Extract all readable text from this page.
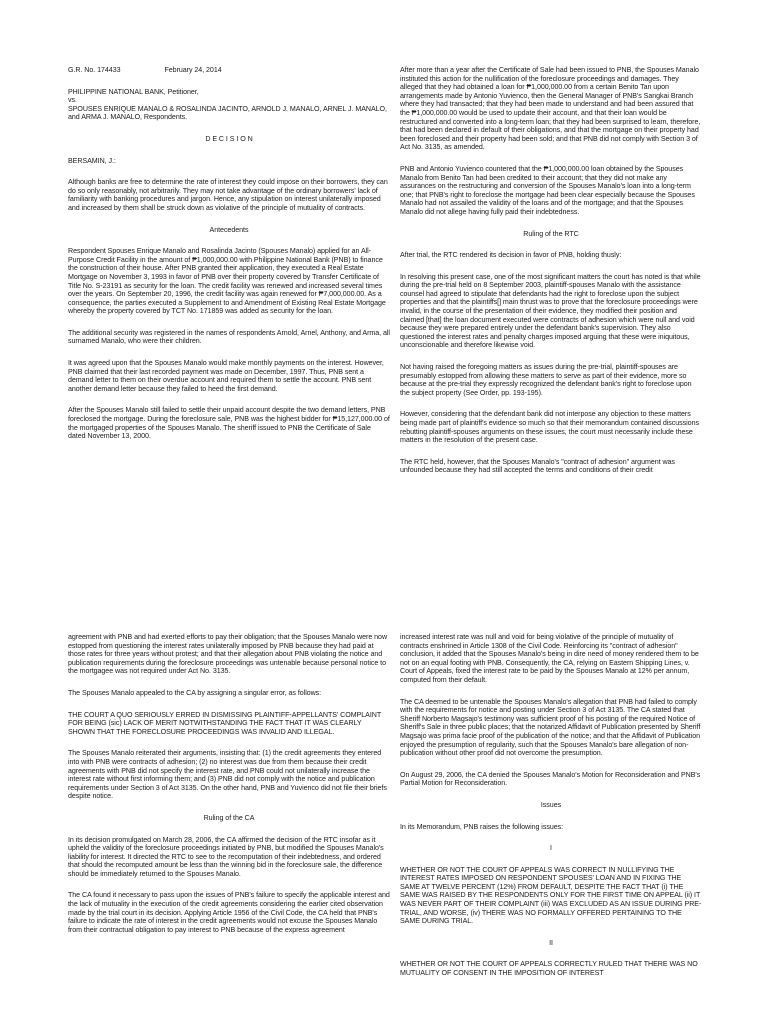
G.R. No. 174433	February 24, 2014
PHILIPPINE NATIONAL BANK, Petitioner,
vs.
SPOUSES ENRIQUE MANALO & ROSALINDA JACINTO, ARNOLD J. MANALO, ARNEL J. MANALO, and ARMA J. MANALO, Respondents.
D E C I S I O N
BERSAMIN, J.:
Although banks are free to determine the rate of interest they could impose on their borrowers, they can do so only reasonably, not arbitrarily. They may not take advantage of the ordinary borrowers' lack of familiarity with banking procedures and jargon. Hence, any stipulation on interest unilaterally imposed and increased by them shall be struck down as violative of the principle of mutuality of contracts.
Antecedents
Respondent Spouses Enrique Manalo and Rosalinda Jacinto (Spouses Manalo) applied for an All-Purpose Credit Facility in the amount of ₱1,000,000.00 with Philippine National Bank (PNB) to finance the construction of their house. After PNB granted their application, they executed a Real Estate Mortgage on November 3, 1993 in favor of PNB over their property covered by Transfer Certificate of Title No. S-23191 as security for the loan. The credit facility was renewed and increased several times over the years. On September 20, 1996, the credit facility was again renewed for ₱7,000,000.00. As a consequence, the parties executed a Supplement to and Amendment of Existing Real Estate Mortgage whereby the property covered by TCT No. 171859 was added as security for the loan.
The additional security was registered in the names of respondents Arnold, Arnel, Anthony, and Arma, all surnamed Manalo, who were their children.
It was agreed upon that the Spouses Manalo would make monthly payments on the interest. However, PNB claimed that their last recorded payment was made on December, 1997. Thus, PNB sent a demand letter to them on their overdue account and required them to settle the account. PNB sent another demand letter because they failed to heed the first demand.
After the Spouses Manalo still failed to settle their unpaid account despite the two demand letters, PNB foreclosed the mortgage. During the foreclosure sale, PNB was the highest bidder for ₱15,127,000.00 of the mortgaged properties of the Spouses Manalo. The sheriff issued to PNB the Certificate of Sale dated November 13, 2000.
After more than a year after the Certificate of Sale had been issued to PNB, the Spouses Manalo instituted this action for the nullification of the foreclosure proceedings and damages. They alleged that they had obtained a loan for ₱1,000,000.00 from a certain Benito Tan upon arrangements made by Antonio Yuvienco, then the General Manager of PNB's Sangkai Branch where they had transacted; that they had been made to understand and had been assured that the ₱1,000,000.00 would be used to update their account, and that their loan would be restructured and converted into a long-term loan; that they had been surprised to learn, therefore, that had been declared in default of their obligations, and that the mortgage on their property had been foreclosed and their property had been sold; and that PNB did not comply with Section 3 of Act No. 3135, as amended.
PNB and Antonio Yuvienco countered that the ₱1,000,000.00 loan obtained by the Spouses Manalo from Benito Tan had been credited to their account; that they did not make any assurances on the restructuring and conversion of the Spouses Manalo's loan into a long-term one; that PNB's right to foreclose the mortgage had been clear especially because the Spouses Manalo had not assailed the validity of the loans and of the mortgage; and that the Spouses Manalo did not allege having fully paid their indebtedness.
Ruling of the RTC
After trial, the RTC rendered its decision in favor of PNB, holding thusly:
In resolving this present case, one of the most significant matters the court has noted is that while during the pre-trial held on 8 September 2003, plaintiff-spouses Manalo with the assistance counsel had agreed to stipulate that defendants had the right to foreclose upon the subject properties and that the plaintiffs[] main thrust was to prove that the foreclosure proceedings were invalid, in the course of the presentation of their evidence, they modified their position and claimed [that] the loan document executed were contracts of adhesion which were null and void because they were prepared entirely under the defendant bank's supervision. They also questioned the interest rates and penalty charges imposed arguing that these were iniquitous, unconscionable and therefore likewise void.
Not having raised the foregoing matters as issues during the pre-trial, plaintiff-spouses are presumably estopped from allowing these matters to serve as part of their evidence, more so because at the pre-trial they expressly recognized the defendant bank's right to foreclose upon the subject property (See Order, pp. 193-195).
However, considering that the defendant bank did not interpose any objection to these matters being made part of plaintiff's evidence so much so that their memorandum contained discussions rebutting plaintiff-spouses arguments on these issues, the court must necessarily include these matters in the resolution of the present case.
The RTC held, however, that the Spouses Manalo's "contract of adhesion" argument was unfounded because they had still accepted the terms and conditions of their credit
agreement with PNB and had exerted efforts to pay their obligation; that the Spouses Manalo were now estopped from questioning the interest rates unilaterally imposed by PNB because they had paid at those rates for three years without protest; and that their allegation about PNB violating the notice and publication requirements during the foreclosure proceedings was untenable because personal notice to the mortgagee was not required under Act No. 3135.
The Spouses Manalo appealed to the CA by assigning a singular error, as follows:
THE COURT A QUO SERIOUSLY ERRED IN DISMISSING PLAINTIFF-APPELLANTS' COMPLAINT FOR BEING (sic) LACK OF MERIT NOTWITHSTANDING THE FACT THAT IT WAS CLEARLY SHOWN THAT THE FORECLOSURE PROCEEDINGS WAS INVALID AND ILLEGAL.
The Spouses Manalo reiterated their arguments, insisting that: (1) the credit agreements they entered into with PNB were contracts of adhesion; (2) no interest was due from them because their credit agreements with PNB did not specify the interest rate, and PNB could not unilaterally increase the interest rate without first informing them; and (3) PNB did not comply with the notice and publication requirements under Section 3 of Act 3135. On the other hand, PNB and Yuvienco did not file their briefs despite notice.
Ruling of the CA
In its decision promulgated on March 28, 2006, the CA affirmed the decision of the RTC insofar as it upheld the validity of the foreclosure proceedings initiated by PNB, but modified the Spouses Manalo's liability for interest. It directed the RTC to see to the recomputation of their indebtedness, and ordered that should the recomputed amount be less than the winning bid in the foreclosure sale, the difference should be immediately returned to the Spouses Manalo.
The CA found it necessary to pass upon the issues of PNB's failure to specify the applicable interest and the lack of mutuality in the execution of the credit agreements considering the earlier cited observation made by the trial court in its decision. Applying Article 1956 of the Civil Code, the CA held that PNB's failure to indicate the rate of interest in the credit agreements would not excuse the Spouses Manalo from their contractual obligation to pay interest to PNB because of the express agreement
increased interest rate was null and void for being violative of the principle of mutuality of contracts enshrined in Article 1308 of the Civil Code. Reinforcing its "contract of adhesion" conclusion, it added that the Spouses Manalo's being in dire need of money rendered them to be not on an equal footing with PNB. Consequently, the CA, relying on Eastern Shipping Lines, v. Court of Appeals, fixed the interest rate to be paid by the Spouses Manalo at 12% per annum, computed from their default.
The CA deemed to be untenable the Spouses Manalo's allegation that PNB had failed to comply with the requirements for notice and posting under Section 3 of Act 3135. The CA stated that Sheriff Norberto Magsajo's testimony was sufficient proof of his posting of the required Notice of Sheriff's Sale in three public places; that the notarized Affidavit of Publication presented by Sheriff Magsajo was prima facie proof of the publication of the notice; and that the Affidavit of Publication enjoyed the presumption of regularity, such that the Spouses Manalo's bare allegation of non-publication without other proof did not overcome the presumption.
On August 29, 2006, the CA denied the Spouses Manalo's Motion for Reconsideration and PNB's Partial Motion for Reconsideration.
Issues
In its Memorandum, PNB raises the following issues:
I
WHETHER OR NOT THE COURT OF APPEALS WAS CORRECT IN NULLIFYING THE INTEREST RATES IMPOSED ON RESPONDENT SPOUSES' LOAN AND IN FIXING THE SAME AT TWELVE PERCENT (12%) FROM DEFAULT, DESPITE THE FACT THAT (i) THE SAME WAS RAISED BY THE RESPONDENTS ONLY FOR THE FIRST TIME ON APPEAL (ii) IT WAS NEVER PART OF THEIR COMPLAINT (iii) WAS EXCLUDED AS AN ISSUE DURING PRE-TRIAL, AND WORSE, (iv) THERE WAS NO FORMALLY OFFERED PERTAINING TO THE SAME DURING TRIAL.
II
WHETHER OR NOT THE COURT OF APPEALS CORRECTLY RULED THAT THERE WAS NO MUTUALITY OF CONSENT IN THE IMPOSITION OF INTEREST
